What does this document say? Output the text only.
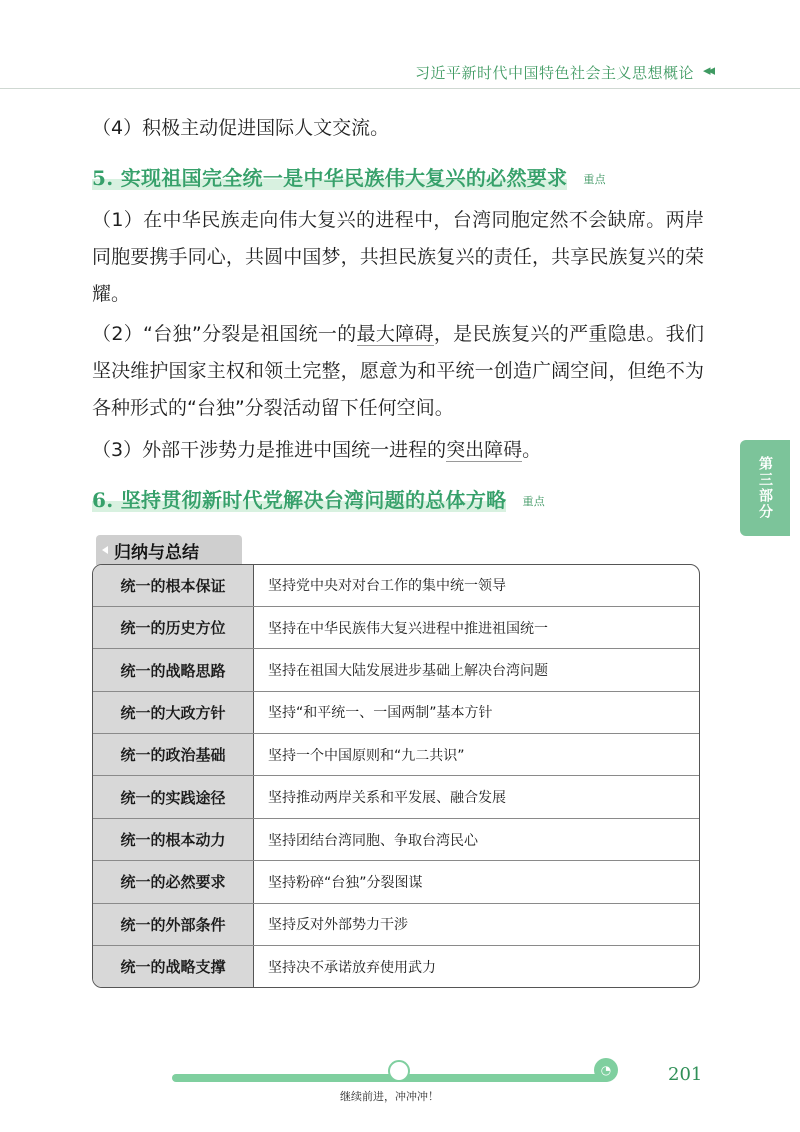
习近平新时代中国特色社会主义思想概论 ◂◂
（4）积极主动促进国际人文交流。
5. 实现祖国完全统一是中华民族伟大复兴的必然要求 重点
（1）在中华民族走向伟大复兴的进程中，台湾同胞定然不会缺席。两岸同胞要携手同心，共圆中国梦，共担民族复兴的责任，共享民族复兴的荣耀。
（2）“台独”分裂是祖国统一的最大障碍，是民族复兴的严重隐患。我们坚决维护国家主权和领土完整，愿意为和平统一创造广阔空间，但绝不为各种形式的“台独”分裂活动留下任何空间。
（3）外部干涉势力是推进中国统一进程的突出障碍。
6. 坚持贯彻新时代党解决台湾问题的总体方略 重点	第三部分
归纳与总结
统一的根本保证	坚持党中央对对台工作的集中统一领导
统一的历史方位	坚持在中华民族伟大复兴进程中推进祖国统一
统一的战略思路	坚持在祖国大陆发展进步基础上解决台湾问题
统一的大政方针	坚持“和平统一、一国两制”基本方针
统一的政治基础	坚持一个中国原则和“九二共识”
统一的实践途径	坚持推动两岸关系和平发展、融合发展
统一的根本动力	坚持团结台湾同胞、争取台湾民心
统一的必然要求	坚持粉碎“台独”分裂图谋
统一的外部条件	坚持反对外部势力干涉
统一的战略支撑	坚持决不承诺放弃使用武力
◔
继续前进，冲冲冲！
201
